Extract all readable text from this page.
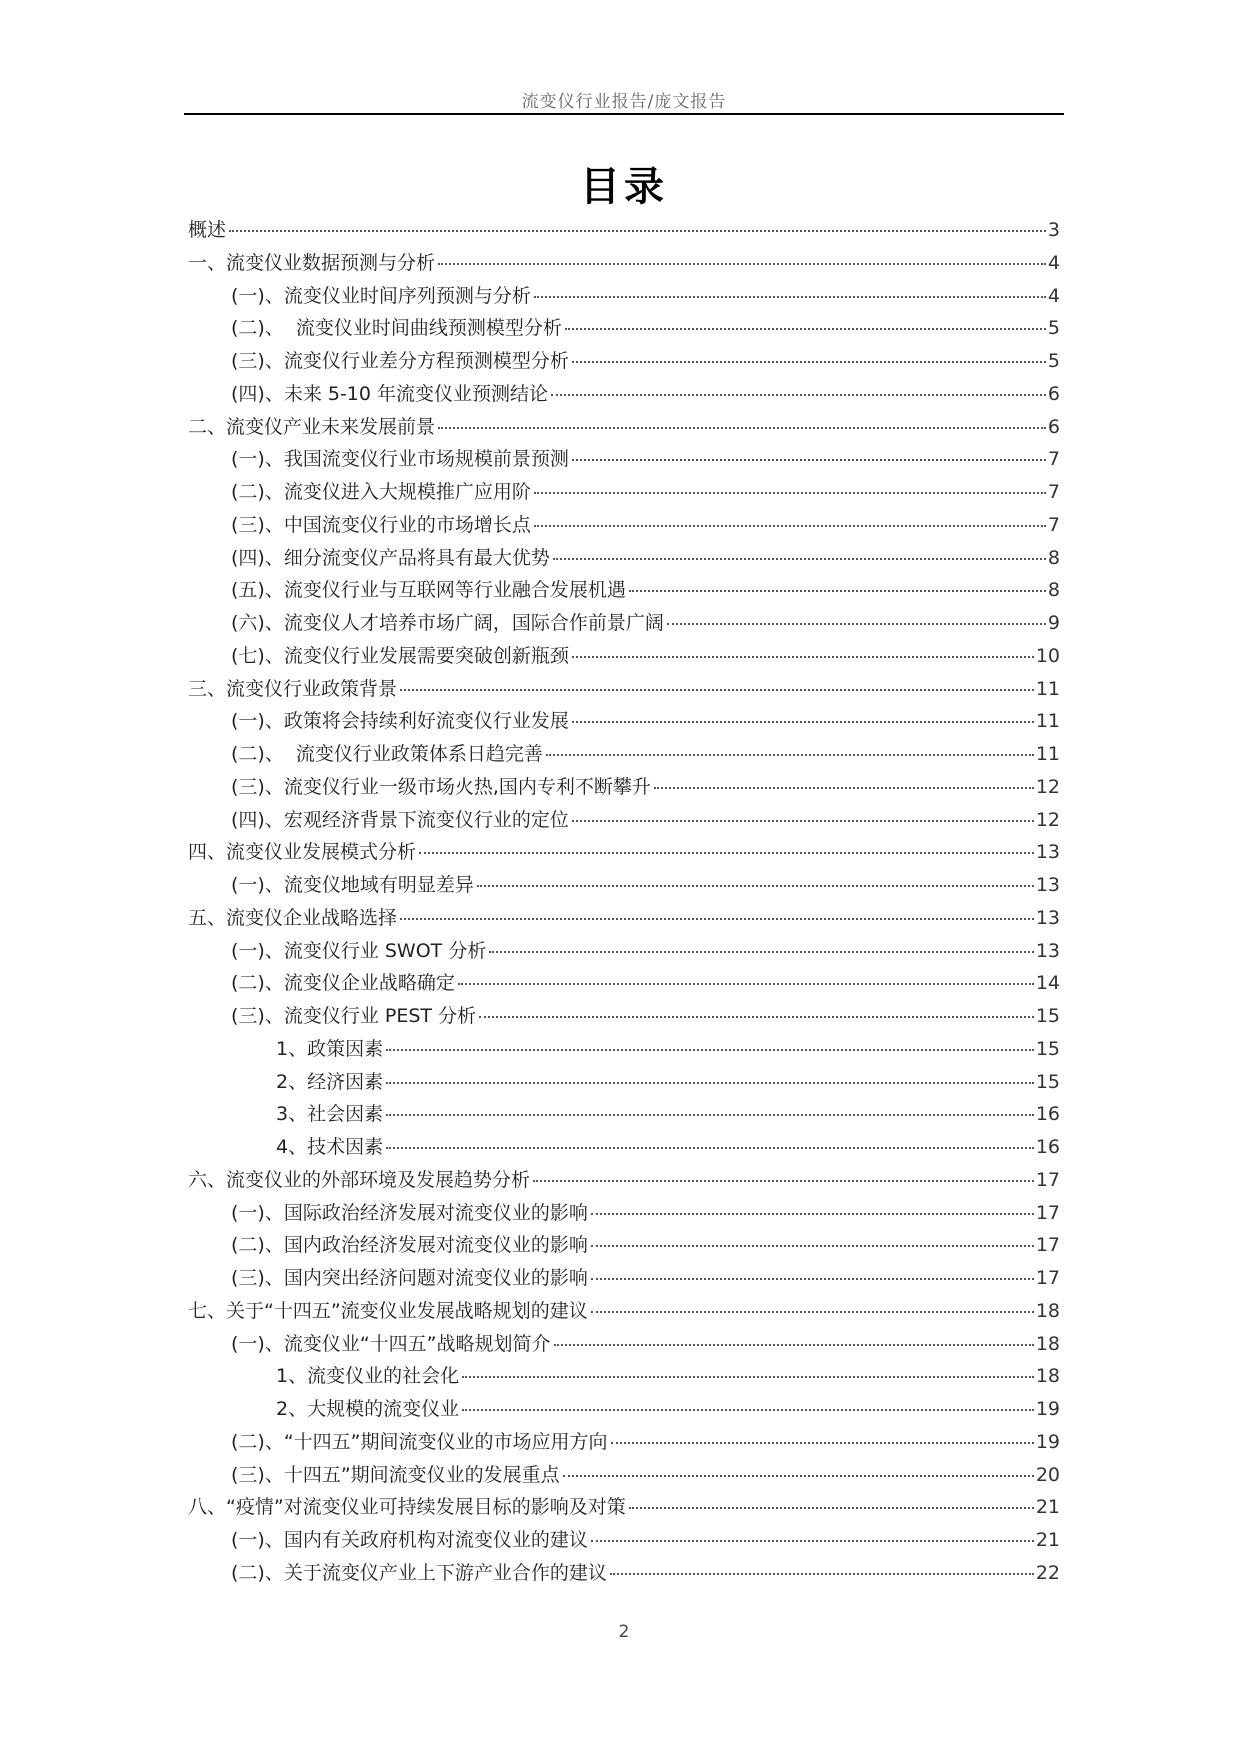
流变仪行业报告/庞文报告
目录
概述	3
一、流变仪业数据预测与分析	4
(一)、流变仪业时间序列预测与分析	4
(二)、  流变仪业时间曲线预测模型分析	5
(三)、流变仪行业差分方程预测模型分析	5
(四)、未来 5-10 年流变仪业预测结论	6
二、流变仪产业未来发展前景	6
(一)、我国流变仪行业市场规模前景预测	7
(二)、流变仪进入大规模推广应用阶	7
(三)、中国流变仪行业的市场增长点	7
(四)、细分流变仪产品将具有最大优势	8
(五)、流变仪行业与互联网等行业融合发展机遇	8
(六)、流变仪人才培养市场广阔，国际合作前景广阔	9
(七)、流变仪行业发展需要突破创新瓶颈	10
三、流变仪行业政策背景	11
(一)、政策将会持续利好流变仪行业发展	11
(二)、  流变仪行业政策体系日趋完善	11
(三)、流变仪行业一级市场火热,国内专利不断攀升	12
(四)、宏观经济背景下流变仪行业的定位	12
四、流变仪业发展模式分析	13
(一)、流变仪地域有明显差异	13
五、流变仪企业战略选择	13
(一)、流变仪行业 SWOT 分析	13
(二)、流变仪企业战略确定	14
(三)、流变仪行业 PEST 分析	15
1、政策因素	15
2、经济因素	15
3、社会因素	16
4、技术因素	16
六、流变仪业的外部环境及发展趋势分析	17
(一)、国际政治经济发展对流变仪业的影响	17
(二)、国内政治经济发展对流变仪业的影响	17
(三)、国内突出经济问题对流变仪业的影响	17
七、关于“十四五”流变仪业发展战略规划的建议	18
(一)、流变仪业“十四五”战略规划简介	18
1、流变仪业的社会化	18
2、大规模的流变仪业	19
(二)、“十四五”期间流变仪业的市场应用方向	19
(三)、十四五”期间流变仪业的发展重点	20
八、“疫情”对流变仪业可持续发展目标的影响及对策	21
(一)、国内有关政府机构对流变仪业的建议	21
(二)、关于流变仪产业上下游产业合作的建议	22
2
